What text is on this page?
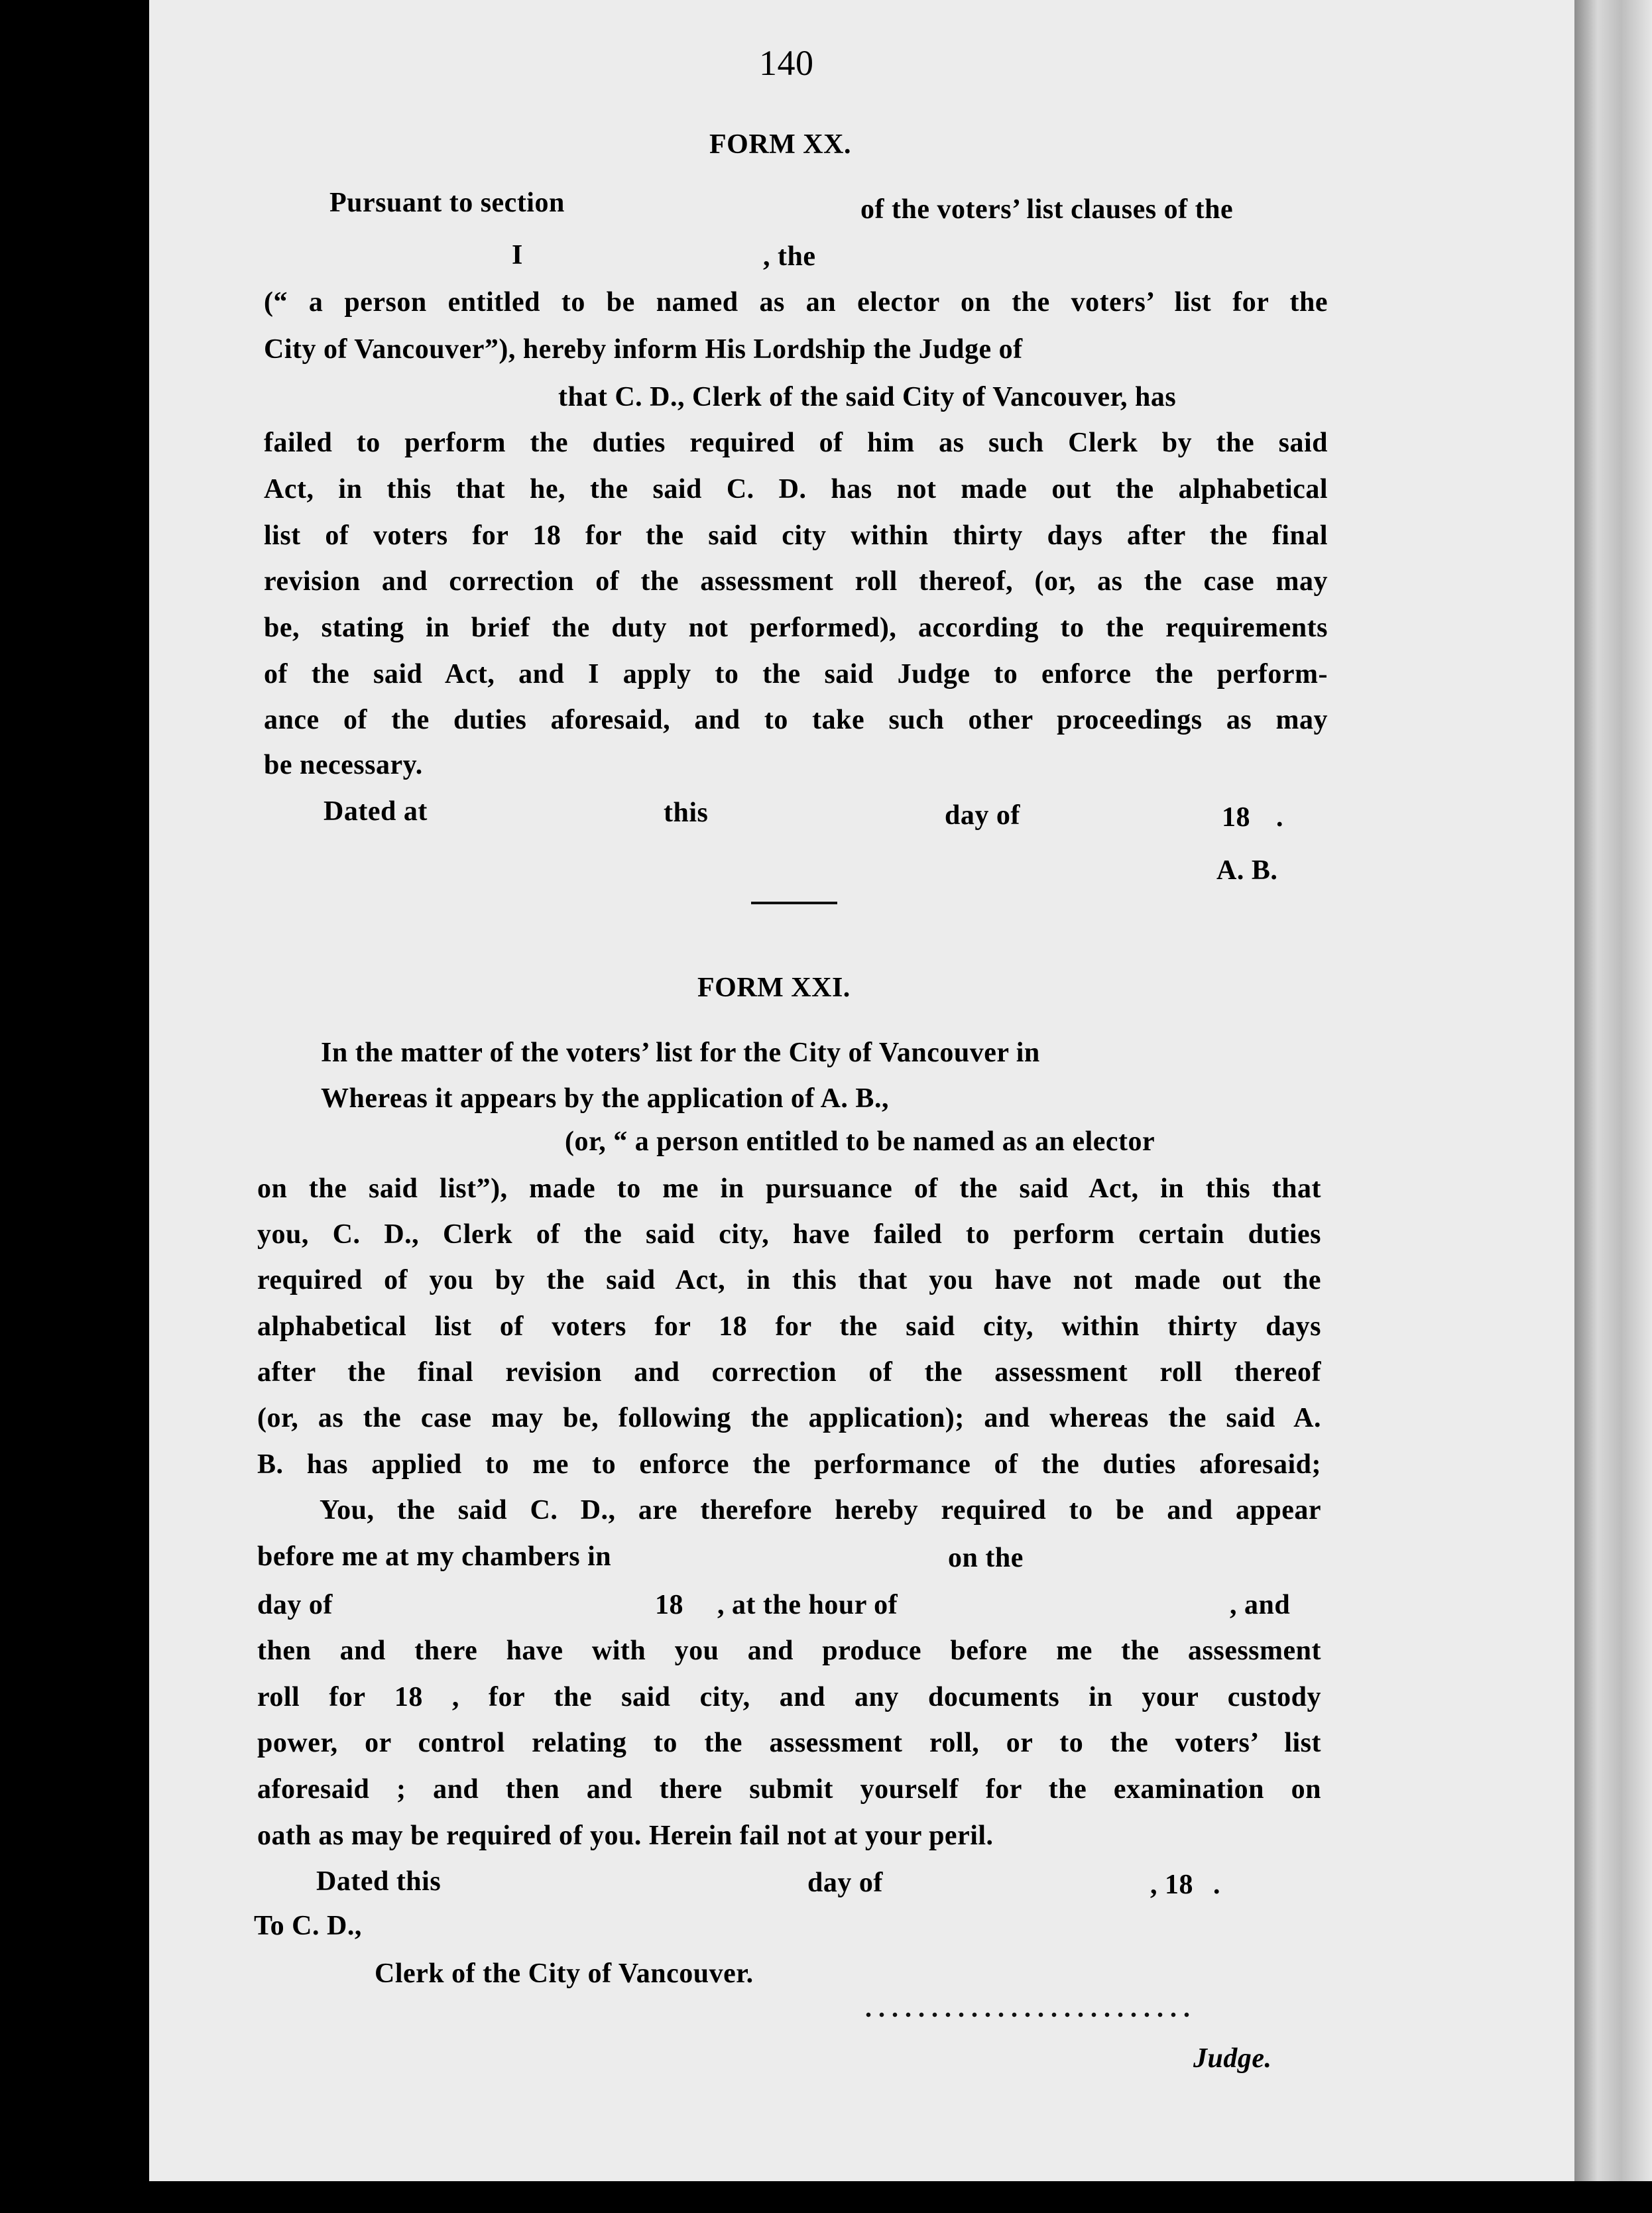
140
FORM XX.
Pursuant to section	of the voters’ list clauses of the
I	, the
(“ a person entitled to be named as an elector on the voters’ list for the
City of Vancouver”), hereby inform His Lordship the Judge of
that C. D., Clerk of the said City of Vancouver, has
failed to perform the duties required of him as such Clerk by the said
Act, in this that he, the said C. D. has not made out the alphabetical
list of voters for 18 for the said city within thirty days after the final
revision and correction of the assessment roll thereof, (or, as the case may
be, stating in brief the duty not performed), according to the requirements
of the said Act, and I apply to the said Judge to enforce the perform-
ance of the duties aforesaid, and to take such other proceedings as may
be necessary.
Dated at	this	day of	18 .
A. B.
FORM XXI.
In the matter of the voters’ list for the City of Vancouver in
Whereas it appears by the application of A. B.,
(or, “ a person entitled to be named as an elector
on the said list”), made to me in pursuance of the said Act, in this that
you, C. D., Clerk of the said city, have failed to perform certain duties
required of you by the said Act, in this that you have not made out the
alphabetical list of voters for 18 for the said city, within thirty days
after the final revision and correction of the assessment roll thereof
(or, as the case may be, following the application); and whereas the said A.
B. has applied to me to enforce the performance of the duties aforesaid;
You, the said C. D., are therefore hereby required to be and appear
before me at my chambers in	on the
day of	18 , at the hour of	, and
then and there have with you and produce before me the assessment
roll for 18 , for the said city, and any documents in your custody
power, or control relating to the assessment roll, or to the voters’ list
aforesaid ; and then and there submit yourself for the examination on
oath as may be required of you. Herein fail not at your peril.
Dated this	day of	, 18 .
To C. D.,
Clerk of the City of Vancouver.
Judge.
